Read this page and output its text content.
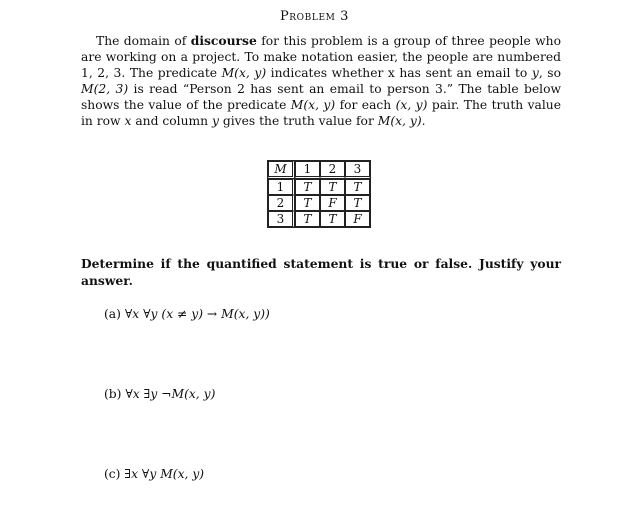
Problem 3
The domain of discourse for this problem is a group of three people who are working on a project. To make notation easier, the people are numbered 1, 2, 3. The predicate M(x, y) indicates whether x has sent an email to y, so M(2, 3) is read “Person 2 has sent an email to person 3.” The table below shows the value of the predicate M(x, y) for each (x, y) pair. The truth value in row x and column y gives the truth value for M(x, y).
M	1	2	3
1	T	T	T
2	T	F	T
3	T	T	F
Determine if the quantified statement is true or false. Justify your answer.
(a) ∀x ∀y (x ≠ y) → M(x, y))
(b) ∀x ∃y ¬M(x, y)
(c) ∃x ∀y M(x, y)
